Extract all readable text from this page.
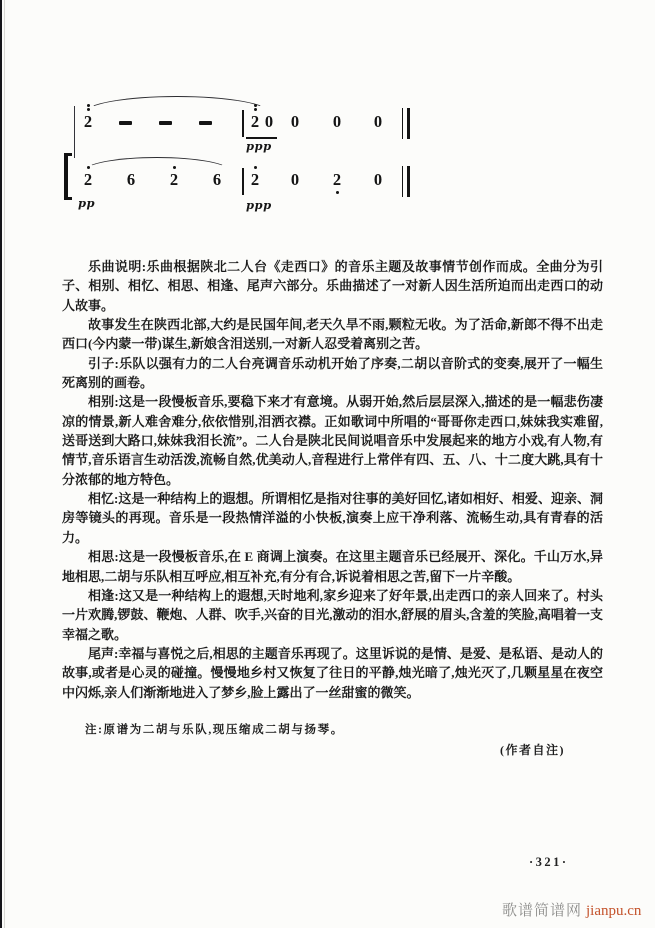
ppp
2	2 0 0 0 0
pp	ppp
2 6 2 6 2 0 2 0

乐曲说明:乐曲根据陕北二人台《走西口》的音乐主题及故事情节创作而成。全曲分为引子、相别、相忆、相思、相逢、尾声六部分。乐曲描述了一对新人因生活所迫而出走西口的动人故事。

故事发生在陕西北部,大约是民国年间,老天久旱不雨,颗粒无收。为了活命,新郎不得不出走西口(今内蒙一带)谋生,新娘含泪送别,一对新人忍受着离别之苦。

引子:乐队以强有力的二人台亮调音乐动机开始了序奏,二胡以音阶式的变奏,展开了一幅生死离别的画卷。

相别:这是一段慢板音乐,要稳下来才有意境。从弱开始,然后层层深入,描述的是一幅悲伤凄凉的情景,新人难舍难分,依依惜别,泪洒衣襟。正如歌词中所唱的“哥哥你走西口,妹妹我实难留,送哥送到大路口,妹妹我泪长流”。二人台是陕北民间说唱音乐中发展起来的地方小戏,有人物,有情节,音乐语言生动活泼,流畅自然,优美动人,音程进行上常伴有四、五、八、十二度大跳,具有十分浓郁的地方特色。

相忆:这是一种结构上的遐想。所谓相忆是指对往事的美好回忆,诸如相好、相爱、迎亲、洞房等镜头的再现。音乐是一段热情洋溢的小快板,演奏上应干净利落、流畅生动,具有青春的活力。

相思:这是一段慢板音乐,在 E 商调上演奏。在这里主题音乐已经展开、深化。千山万水,异地相思,二胡与乐队相互呼应,相互补充,有分有合,诉说着相思之苦,留下一片辛酸。

相逢:这又是一种结构上的遐想,天时地利,家乡迎来了好年景,出走西口的亲人回来了。村头一片欢腾,锣鼓、鞭炮、人群、吹手,兴奋的目光,激动的泪水,舒展的眉头,含羞的笑脸,高唱着一支幸福之歌。

尾声:幸福与喜悦之后,相思的主题音乐再现了。这里诉说的是情、是爱、是私语、是动人的故事,或者是心灵的碰撞。慢慢地乡村又恢复了往日的平静,烛光暗了,烛光灭了,几颗星星在夜空中闪烁,亲人们渐渐地进入了梦乡,脸上露出了一丝甜蜜的微笑。

注:原谱为二胡与乐队,现压缩成二胡与扬琴。

(作者自注)

·321·
歌谱简谱网 jianpu.cn
